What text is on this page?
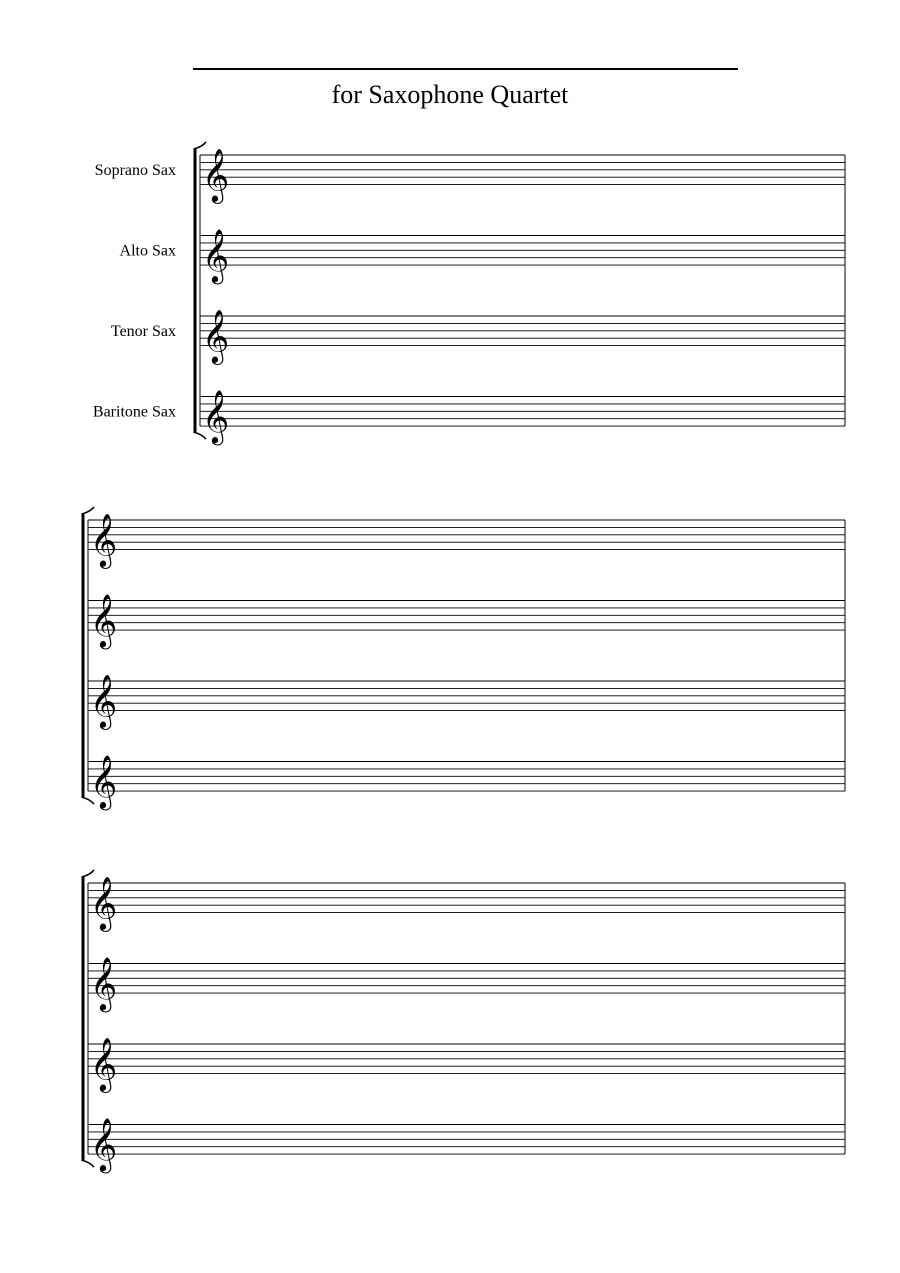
for Saxophone Quartet
𝄞
Soprano Sax
𝄞
Alto Sax
𝄞
Tenor Sax
𝄞
Baritone Sax
𝄞
𝄞
𝄞
𝄞
𝄞
𝄞
𝄞
𝄞
